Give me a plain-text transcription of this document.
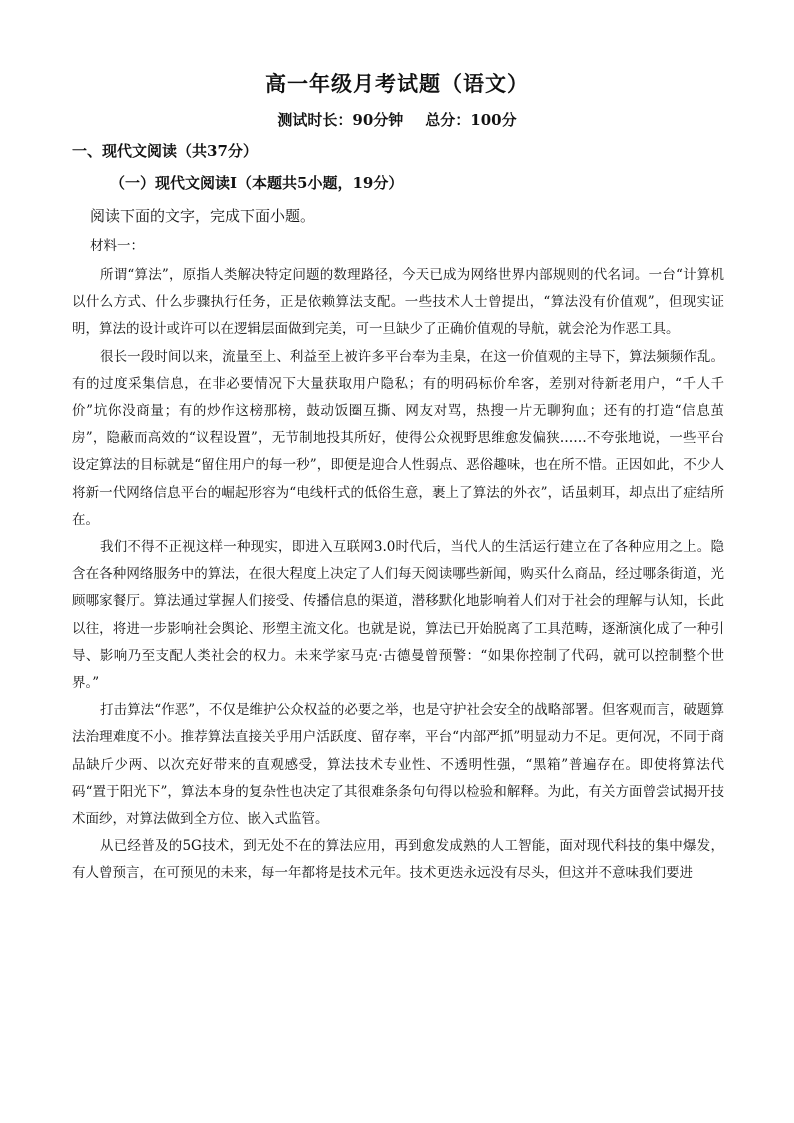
高一年级月考试题（语文）
测试时长：90分钟 总分：100分
一、现代文阅读（共37分）
（一）现代文阅读Ⅰ（本题共5小题，19分）
阅读下面的文字，完成下面小题。
材料一：

所谓“算法”，原指人类解决特定问题的数理路径，今天已成为网络世界内部规则的代名词。一台“计算机以什么方式、什么步骤执行任务，正是依赖算法支配。一些技术人士曾提出，“算法没有价值观”，但现实证明，算法的设计或许可以在逻辑层面做到完美，可一旦缺少了正确价值观的导航，就会沦为作恶工具。

很长一段时间以来，流量至上、利益至上被许多平台奉为圭臬，在这一价值观的主导下，算法频频作乱。有的过度采集信息，在非必要情况下大量获取用户隐私；有的明码标价牟客，差别对待新老用户，“千人千价”坑你没商量；有的炒作这榜那榜，鼓动饭圈互撕、网友对骂，热搜一片无聊狗血；还有的打造“信息茧房”，隐蔽而高效的“议程设置”，无节制地投其所好，使得公众视野思维愈发偏狭……不夸张地说，一些平台设定算法的目标就是“留住用户的每一秒”，即便是迎合人性弱点、恶俗趣味，也在所不惜。正因如此，不少人将新一代网络信息平台的崛起形容为“电线杆式的低俗生意，裹上了算法的外衣”，话虽刺耳，却点出了症结所在。

我们不得不正视这样一种现实，即进入互联网3.0时代后，当代人的生活运行建立在了各种应用之上。隐含在各种网络服务中的算法，在很大程度上决定了人们每天阅读哪些新闻，购买什么商品，经过哪条街道，光顾哪家餐厅。算法通过掌握人们接受、传播信息的渠道，潜移默化地影响着人们对于社会的理解与认知，长此以往，将进一步影响社会舆论、形塑主流文化。也就是说，算法已开始脱离了工具范畴，逐渐演化成了一种引导、影响乃至支配人类社会的权力。未来学家马克·古德曼曾预警：“如果你控制了代码，就可以控制整个世界。”

打击算法“作恶”，不仅是维护公众权益的必要之举，也是守护社会安全的战略部署。但客观而言，破题算法治理难度不小。推荐算法直接关乎用户活跃度、留存率，平台“内部严抓”明显动力不足。更何况，不同于商品缺斤少两、以次充好带来的直观感受，算法技术专业性、不透明性强，“黑箱”普遍存在。即使将算法代码“置于阳光下”，算法本身的复杂性也决定了其很难条条句句得以检验和解释。为此，有关方面曾尝试揭开技术面纱，对算法做到全方位、嵌入式监管。

从已经普及的5G技术，到无处不在的算法应用，再到愈发成熟的人工智能，面对现代科技的集中爆发，有人曾预言，在可预见的未来，每一年都将是技术元年。技术更迭永远没有尽头，但这并不意味我们要进
